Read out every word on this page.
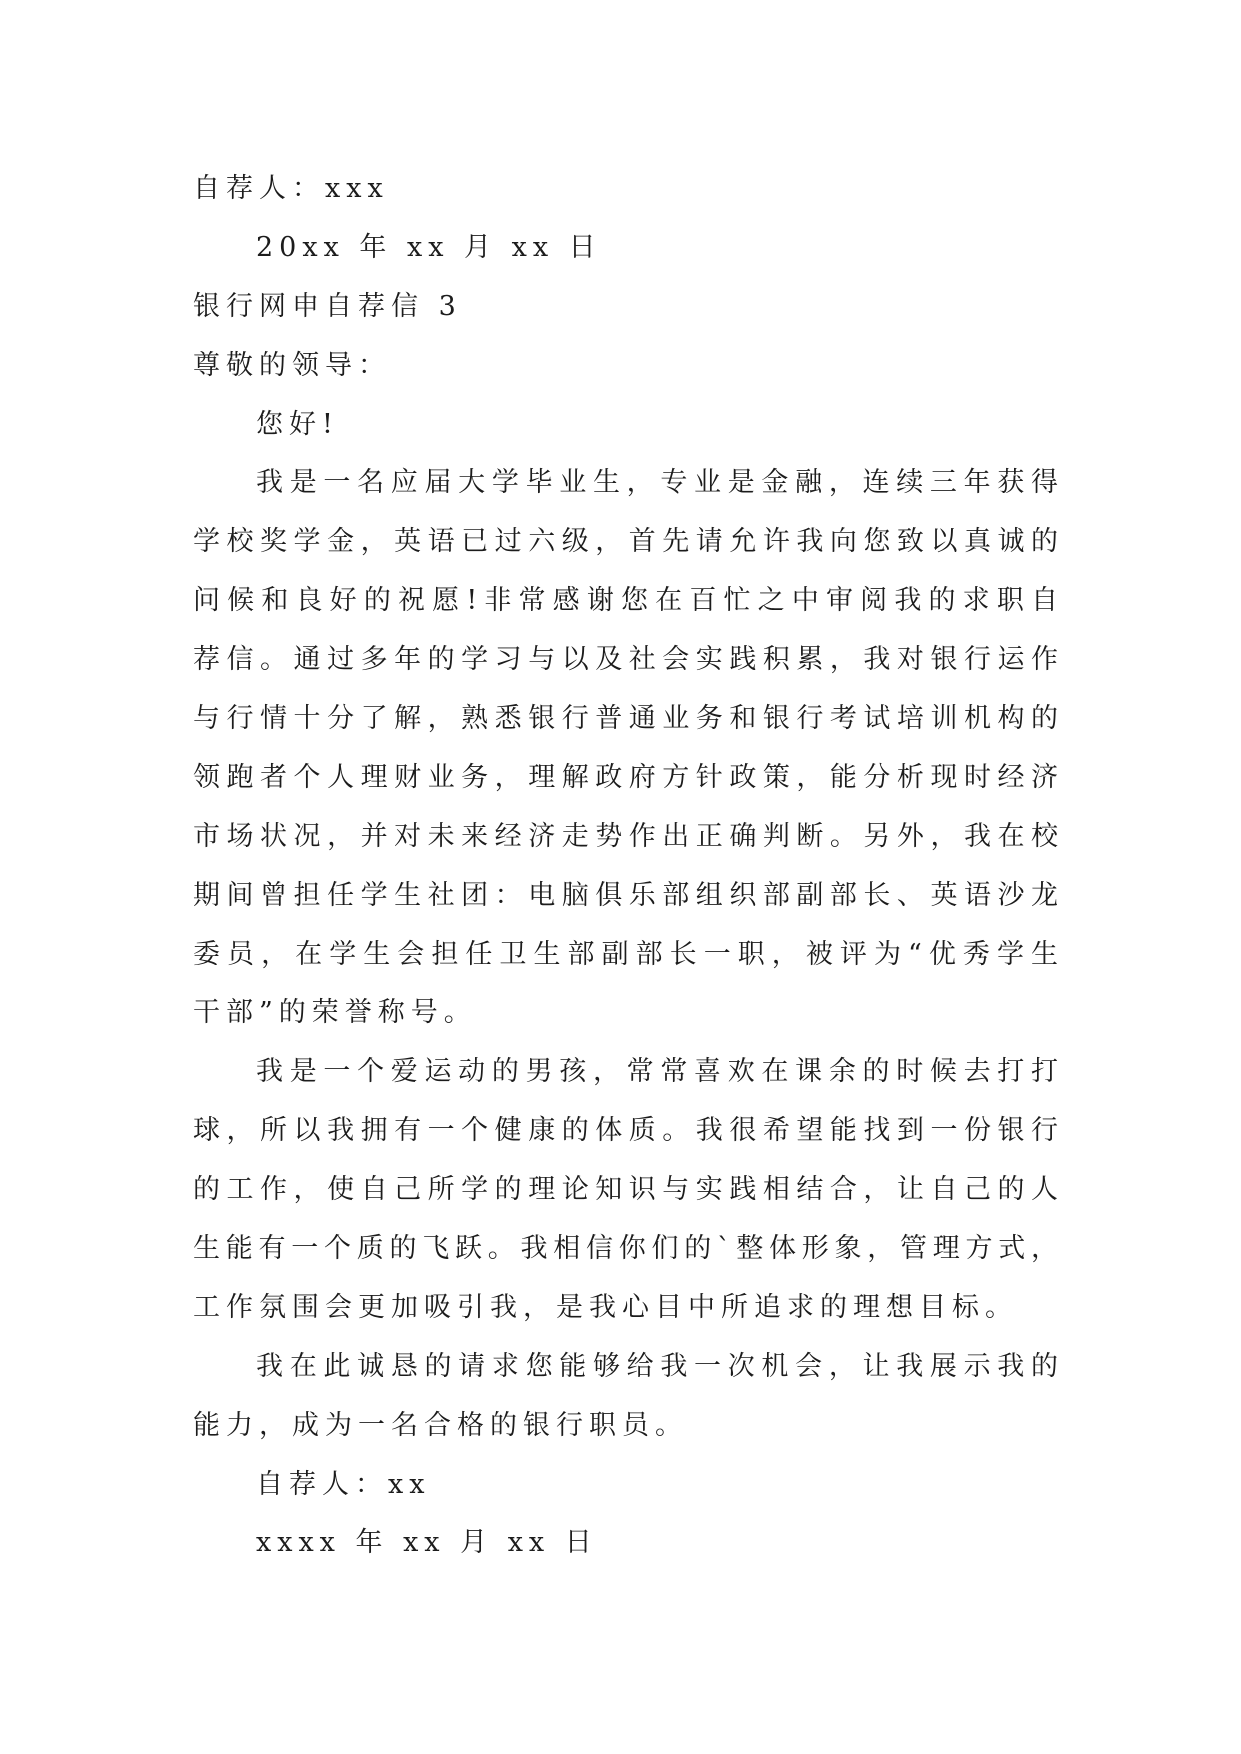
自荐人：xxx
20xx 年 xx 月 xx 日
银行网申自荐信 3
尊敬的领导：
您好!
我是一名应届大学毕业生，专业是金融，连续三年获得
学校奖学金，英语已过六级，首先请允许我向您致以真诚的
问候和良好的祝愿!非常感谢您在百忙之中审阅我的求职自
荐信。通过多年的学习与以及社会实践积累，我对银行运作
与行情十分了解，熟悉银行普通业务和银行考试培训机构的
领跑者个人理财业务，理解政府方针政策，能分析现时经济
市场状况，并对未来经济走势作出正确判断。另外，我在校
期间曾担任学生社团：电脑俱乐部组织部副部长、英语沙龙
委员，在学生会担任卫生部副部长一职，被评为“优秀学生
干部”的荣誉称号。
我是一个爱运动的男孩，常常喜欢在课余的时候去打打
球，所以我拥有一个健康的体质。我很希望能找到一份银行
的工作，使自己所学的理论知识与实践相结合，让自己的人
生能有一个质的飞跃。我相信你们的`整体形象，管理方式，
工作氛围会更加吸引我，是我心目中所追求的理想目标。
我在此诚恳的请求您能够给我一次机会，让我展示我的
能力，成为一名合格的银行职员。
自荐人：xx
xxxx 年 xx 月 xx 日
